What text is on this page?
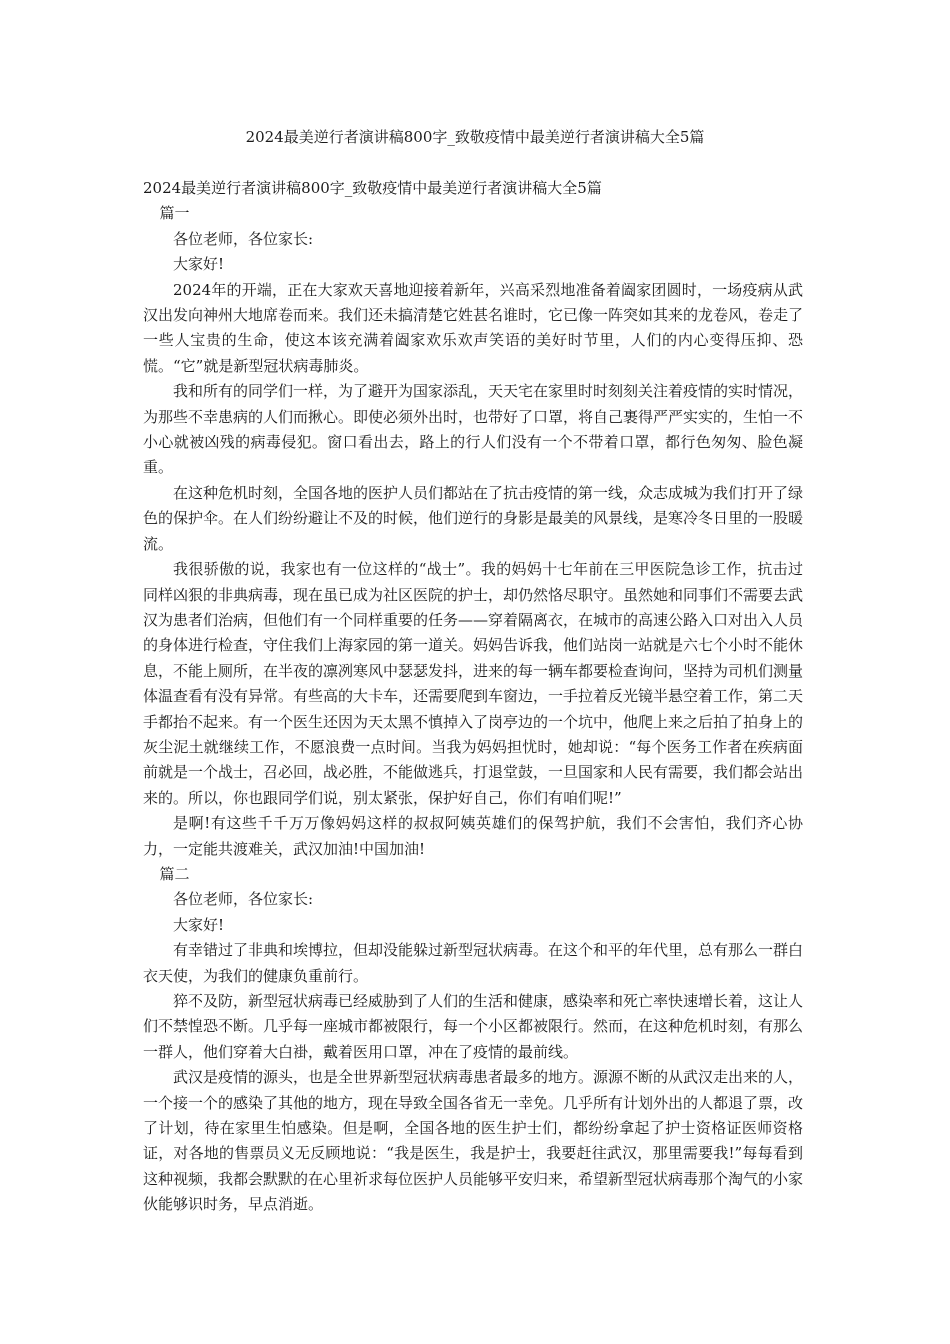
2024最美逆行者演讲稿800字_致敬疫情中最美逆行者演讲稿大全5篇

2024最美逆行者演讲稿800字_致敬疫情中最美逆行者演讲稿大全5篇

篇一

各位老师，各位家长:

大家好!

2024年的开端，正在大家欢天喜地迎接着新年，兴高采烈地准备着阖家团圆时，一场疫病从武汉出发向神州大地席卷而来。我们还未搞清楚它姓甚名谁时，它已像一阵突如其来的龙卷风，卷走了一些人宝贵的生命，使这本该充满着阖家欢乐欢声笑语的美好时节里，人们的内心变得压抑、恐慌。“它”就是新型冠状病毒肺炎。

我和所有的同学们一样，为了避开为国家添乱，天天宅在家里时时刻刻关注着疫情的实时情况，为那些不幸患病的人们而揪心。即使必须外出时，也带好了口罩，将自己裹得严严实实的，生怕一不小心就被凶残的病毒侵犯。窗口看出去，路上的行人们没有一个不带着口罩，都行色匆匆、脸色凝重。

在这种危机时刻，全国各地的医护人员们都站在了抗击疫情的第一线，众志成城为我们打开了绿色的保护伞。在人们纷纷避让不及的时候，他们逆行的身影是最美的风景线，是寒冷冬日里的一股暖流。

我很骄傲的说，我家也有一位这样的“战士”。我的妈妈十七年前在三甲医院急诊工作，抗击过同样凶狠的非典病毒，现在虽已成为社区医院的护士，却仍然恪尽职守。虽然她和同事们不需要去武汉为患者们治病，但他们有一个同样重要的任务——穿着隔离衣，在城市的高速公路入口对出入人员的身体进行检查，守住我们上海家园的第一道关。妈妈告诉我，他们站岗一站就是六七个小时不能休息，不能上厕所，在半夜的凛冽寒风中瑟瑟发抖，进来的每一辆车都要检查询问，坚持为司机们测量体温查看有没有异常。有些高的大卡车，还需要爬到车窗边，一手拉着反光镜半悬空着工作，第二天手都抬不起来。有一个医生还因为天太黑不慎掉入了岗亭边的一个坑中，他爬上来之后拍了拍身上的灰尘泥土就继续工作，不愿浪费一点时间。当我为妈妈担忧时，她却说：“每个医务工作者在疾病面前就是一个战士，召必回，战必胜，不能做逃兵，打退堂鼓，一旦国家和人民有需要，我们都会站出来的。所以，你也跟同学们说，别太紧张，保护好自己，你们有咱们呢!”

是啊!有这些千千万万像妈妈这样的叔叔阿姨英雄们的保驾护航，我们不会害怕，我们齐心协力，一定能共渡难关，武汉加油!中国加油!

篇二

各位老师，各位家长:

大家好!

有幸错过了非典和埃博拉，但却没能躲过新型冠状病毒。在这个和平的年代里，总有那么一群白衣天使，为我们的健康负重前行。

猝不及防，新型冠状病毒已经威胁到了人们的生活和健康，感染率和死亡率快速增长着，这让人们不禁惶恐不断。几乎每一座城市都被限行，每一个小区都被限行。然而，在这种危机时刻，有那么一群人，他们穿着大白褂，戴着医用口罩，冲在了疫情的最前线。

武汉是疫情的源头，也是全世界新型冠状病毒患者最多的地方。源源不断的从武汉走出来的人，一个接一个的感染了其他的地方，现在导致全国各省无一幸免。几乎所有计划外出的人都退了票，改了计划，待在家里生怕感染。但是啊，全国各地的医生护士们，都纷纷拿起了护士资格证医师资格证，对各地的售票员义无反顾地说：“我是医生，我是护士，我要赶往武汉，那里需要我!”每每看到这种视频，我都会默默的在心里祈求每位医护人员能够平安归来，希望新型冠状病毒那个淘气的小家伙能够识时务，早点消逝。
